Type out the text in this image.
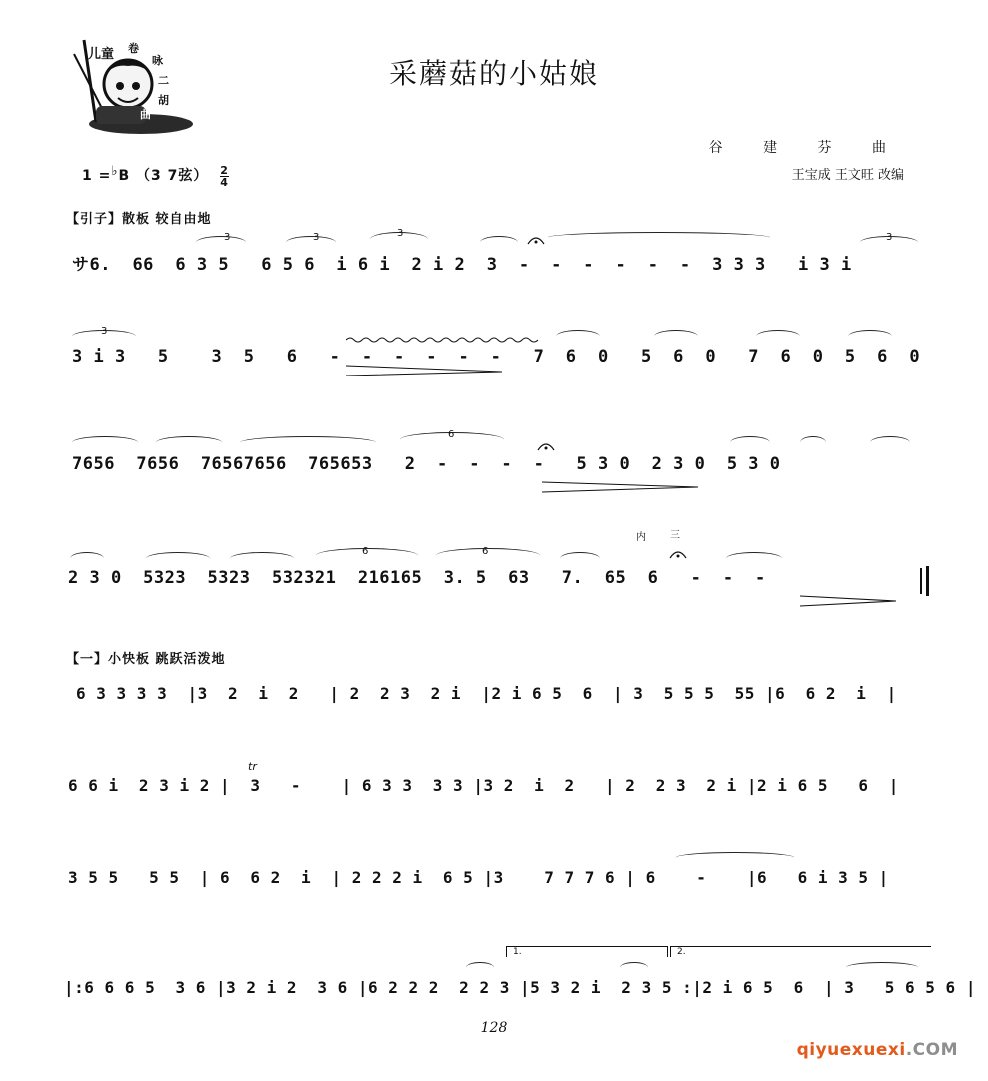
儿童 卷
咏
二
胡
曲
采蘑菇的小姑娘
谷 建 芬 曲
王宝成 王文旺 改编
1 =♭B （3 7弦） $\frac{2}{4}$
【引子】散板 较自由地
【一】小快板 跳跃活泼地
サ6.  66  6 3 5   6 5 6  i 6 i  2 i 2  3  -  -  -  -  -  -  3 3 3   i 3 i
3 i 3   5    3  5   6   -  -  -  -  -  -   7  6  0   5  6  0   7  6  0  5  6  0
7656  7656  76567656  765653   2  -  -  -  -   5 3 0  2 3 0  5 3 0
2 3 0  5323  5323  532321  216165  3. 5  63   7.  65  6   -  -  -
6 3 3 3 3  |3  2  i  2   | 2  2 3  2 i  |2 i 6 5  6  | 3  5 5 5  55 |6  6 2  i  |
6 6 i  2 3 i 2 |  3   -    | 6 3 3  3 3 |3 2  i  2   | 2  2 3  2 i |2 i 6 5   6  |
3 5 5   5 5  | 6  6 2  i  | 2 2 2 i  6 5 |3    7 7 7 6 | 6    -    |6   6 i 3 5 |
|:6 6 6 5  3 6 |3 2 i 2  3 6 |6 2 2 2  2 2 3 |5 3 2 i  2 3 5 :|2 i 6 5  6  | 3   5 6 5 6 |
3	3	3	3
3
6
6	6
tr
内 三
1.	2.
128
qiyuexuexi.COM
